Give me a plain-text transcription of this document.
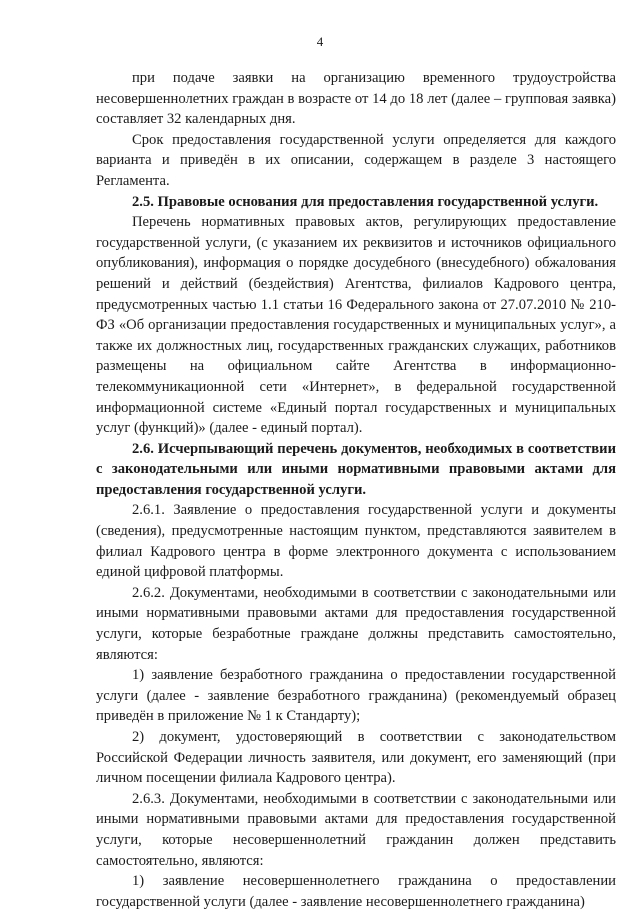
4

при подаче заявки на организацию временного трудоустройства несовершеннолетних граждан в возрасте от 14 до 18 лет (далее – групповая заявка) составляет 32 календарных дня.

Срок предоставления государственной услуги определяется для каждого варианта и приведён в их описании, содержащем в разделе 3 настоящего Регламента.

2.5. Правовые основания для предоставления государственной услуги.

Перечень нормативных правовых актов, регулирующих предоставление государственной услуги, (с указанием их реквизитов и источников официального опубликования), информация о порядке досудебного (внесудебного) обжалования решений и действий (бездействия) Агентства, филиалов Кадрового центра, предусмотренных частью 1.1 статьи 16 Федерального закона от 27.07.2010 № 210-ФЗ «Об организации предоставления государственных и муниципальных услуг», а также их должностных лиц, государственных гражданских служащих, работников размещены на официальном сайте Агентства в информационно-телекоммуникационной сети «Интернет», в федеральной государственной информационной системе «Единый портал государственных и муниципальных услуг (функций)» (далее - единый портал).

2.6. Исчерпывающий перечень документов, необходимых в соответствии с законодательными или иными нормативными правовыми актами для предоставления государственной услуги.

2.6.1. Заявление о предоставления государственной услуги и документы (сведения), предусмотренные настоящим пунктом, представляются заявителем в филиал Кадрового центра в форме электронного документа с использованием единой цифровой платформы.

2.6.2. Документами, необходимыми в соответствии с законодательными или иными нормативными правовыми актами для предоставления государственной услуги, которые безработные граждане должны представить самостоятельно, являются:

1) заявление безработного гражданина о предоставлении государственной услуги (далее - заявление безработного гражданина) (рекомендуемый образец приведён в приложение № 1 к Стандарту);

2) документ, удостоверяющий в соответствии с законодательством Российской Федерации личность заявителя, или документ, его заменяющий (при личном посещении филиала Кадрового центра).

2.6.3. Документами, необходимыми в соответствии с законодательными или иными нормативными правовыми актами для предоставления государственной услуги, которые несовершеннолетний гражданин должен представить самостоятельно, являются:

1) заявление несовершеннолетнего гражданина о предоставлении государственной услуги (далее - заявление несовершеннолетнего гражданина)
